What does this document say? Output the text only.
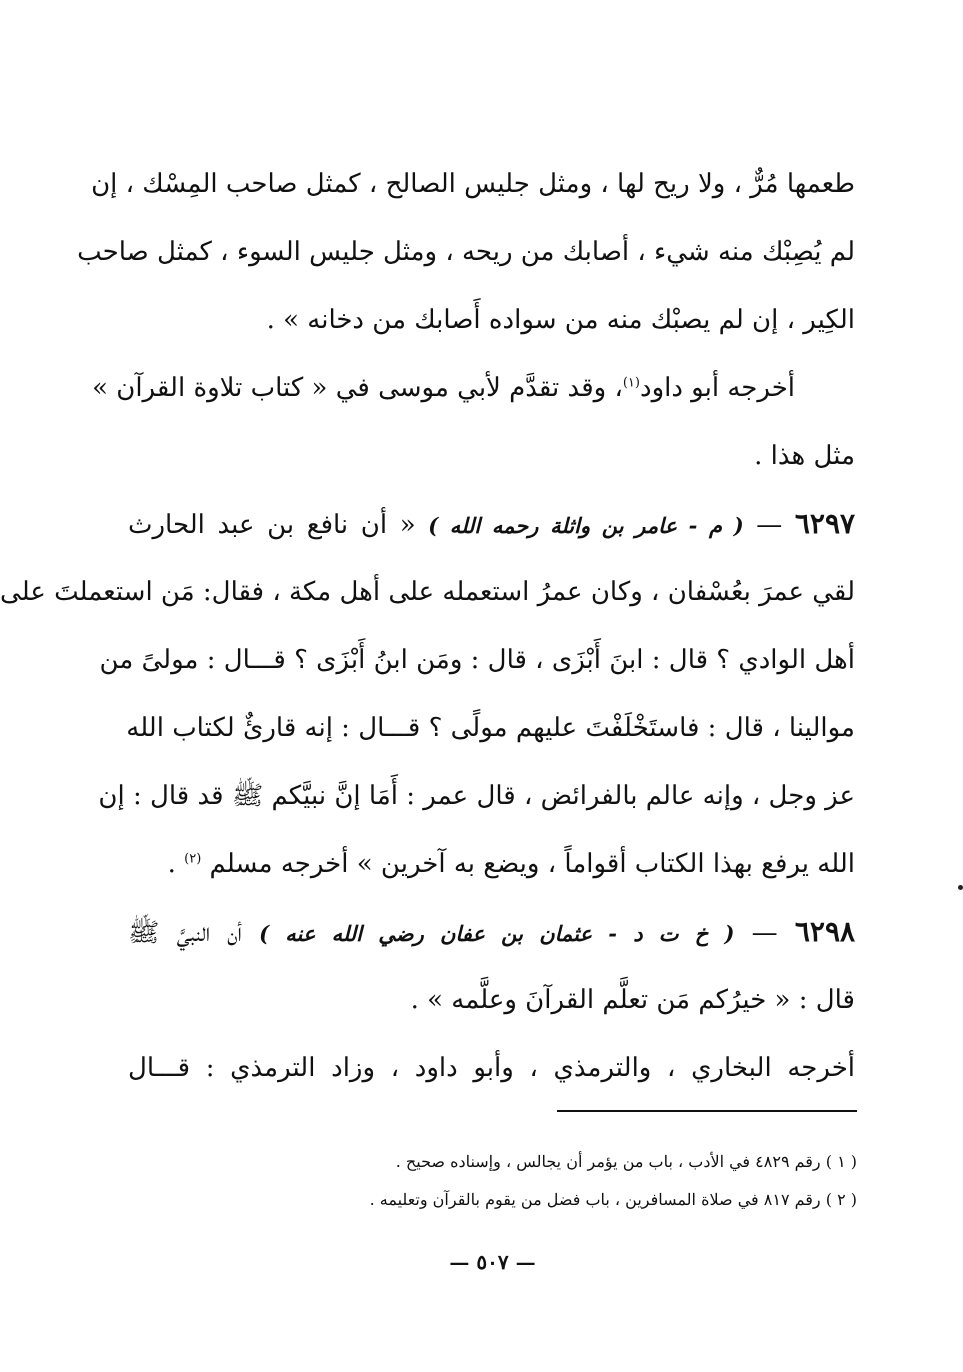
طعمها مُرٌّ ، ولا ريح لها ، ومثل جليس الصالح ، كمثل صاحب المِسْك ، إن
لم يُصِبْك منه شيء ، أصابك من ريحه ، ومثل جليس السوء ، كمثل صاحب
الكِير ، إن لم يصبْك منه من سواده أَصابك من دخانه » .
أخرجه أبو داود$^{(١)}$، وقد تقدَّم لأبي موسى في « كتاب تلاوة القرآن »
مثل هذا .
٦٢٩٧ — ( م - عامر بن واثلة رحمه الله ) « أن نافع بن عبد الحارث
لقي عمرَ بعُسْفان ، وكان عمرُ استعمله على أهل مكة ، فقال: مَن استعملتَ على
أهل الوادي ؟ قال : ابنَ أَبْزَى ، قال : ومَن ابنُ أَبْزَى ؟ قـــال : مولىً من
موالينا ، قال : فاستَخْلَفْتَ عليهم مولًى ؟ قـــال : إنه قارئٌ لكتاب الله
عز وجل ، وإنه عالم بالفرائض ، قال عمر : أَمَا إنَّ نبيَّكم ﷺ قد قال : إن
الله يرفع بهذا الكتاب أقواماً ، ويضع به آخرين » أخرجه مسلم $^{(٢)}$ .
٦٢٩٨ — ( خ ت د - عثمان بن عفان رضي الله عنه ) أن النبيَّ ﷺ
قال : « خيرُكم مَن تعلَّم القرآنَ وعلَّمه » .
أخرجه البخاري ، والترمذي ، وأبو داود ، وزاد الترمذي : قـــال
( ١ ) رقم ٤٨٢٩ في الأدب ، باب من يؤمر أن يجالس ، وإسناده صحيح .
( ٢ ) رقم ٨١٧ في صلاة المسافرين ، باب فضل من يقوم بالقرآن وتعليمه .
— ٥٠٧ —
